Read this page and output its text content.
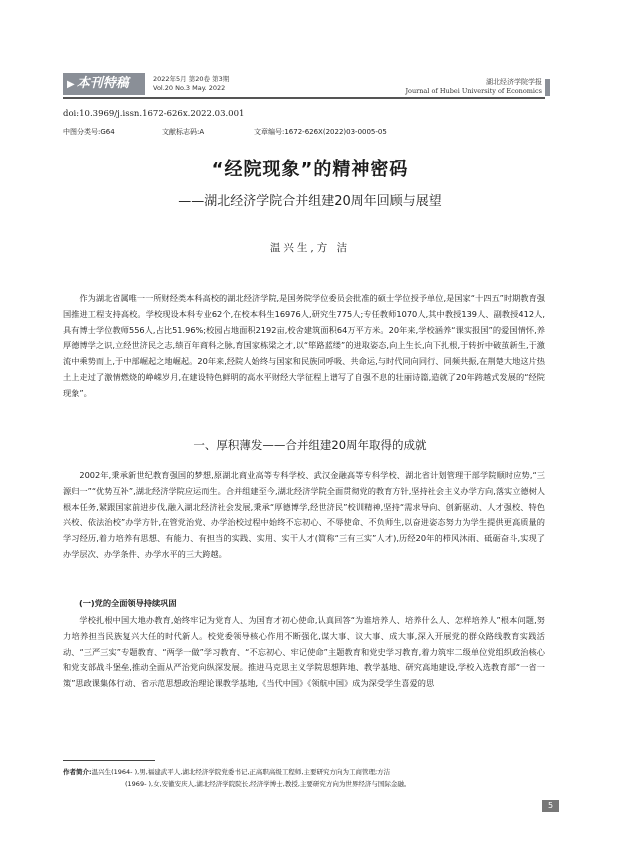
▶ 本刊特稿	2022年5月 第20卷 第3期
Vol.20 No.3 May. 2022
湖北经济学院学报
Journal of Hubei University of Economics
doi:10.3969/j.issn.1672-626x.2022.03.001
中图分类号:G64	文献标志码:A	文章编号:1672-626X(2022)03-0005-05
“经院现象”的精神密码
——湖北经济学院合并组建20周年回顾与展望
温兴生,方 洁
作为湖北省属唯一一所财经类本科高校的湖北经济学院,是国务院学位委员会批准的硕士学位授予单位,是国家“十四五”时期教育强国推进工程支持高校。学校现设本科专业62个,在校本科生16976人,研究生775人;专任教师1070人,其中教授139人、副教授412人,具有博士学位教师556人,占比51.96%;校园占地面积2192亩,校舍建筑面积64万平方米。20年来,学校涵养“课实报国”的爱国情怀,养厚德博学之识,立经世济民之志,绩百年商科之脉,育国家栋梁之才,以“筚路蓝缕”的进取姿态,向上生长,向下扎根,于转折中破茧新生,于激流中乘势而上,于中部崛起之地崛起。20年来,经院人始终与国家和民族同呼吸、共命运,与时代同向同行、同频共振,在荆楚大地这片热土上走过了激情燃烧的峥嵘岁月,在建设特色鲜明的高水平财经大学征程上谱写了自强不息的壮丽诗篇,造就了20年跨越式发展的“经院现象”。
一、厚积薄发——合并组建20周年取得的成就
2002年,秉承新世纪教育强国的梦想,原湖北商业高等专科学校、武汉金融高等专科学校、湖北省计划管理干部学院顺时应势,“三源归一”“优势互补”,湖北经济学院应运而生。合并组建至今,湖北经济学院全面贯彻党的教育方针,坚持社会主义办学方向,落实立德树人根本任务,紧跟国家前进步伐,融入湖北经济社会发展,秉承“厚德博学,经世济民”校训精神,坚持“需求导向、创新驱动、人才强校、特色兴校、依法治校”办学方针,在管党治党、办学治校过程中始终不忘初心、不辱使命、不负师生,以奋进姿态努力为学生提供更高质量的学习经历,着力培养有思想、有能力、有担当的实践、实用、实干人才(简称“三有三实”人才),历经20年的栉风沐雨、砥砺奋斗,实现了办学层次、办学条件、办学水平的三大跨越。
(一)党的全面领导持续巩固
学校扎根中国大地办教育,始终牢记为党育人、为国育才初心使命,认真回答“为谁培养人、培养什么人、怎样培养人”根本问题,努力培养担当民族复兴大任的时代新人。校党委领导核心作用不断强化,谋大事、议大事、成大事,深入开展党的群众路线教育实践活动、“三严三实”专题教育、“两学一做”学习教育、“不忘初心、牢记使命”主题教育和党史学习教育,着力筑牢二级单位党组织政治核心和党支部战斗堡垒,推动全面从严治党向纵深发展。推进马克思主义学院思想阵地、教学基地、研究高地建设,学校入选教育部“一省一策”思政课集体行动、省示范思想政治理论课教学基地,《当代中国》《领航中国》成为深受学生喜爱的思
作者简介:温兴生(1964- ),男,福建武平人,湖北经济学院党委书记,正高职高级工程师,主要研究方向为工商管理;方洁
(1969- ),女,安徽安庆人,湖北经济学院院长,经济学博士,教授,主要研究方向为世界经济与国际金融。
5
